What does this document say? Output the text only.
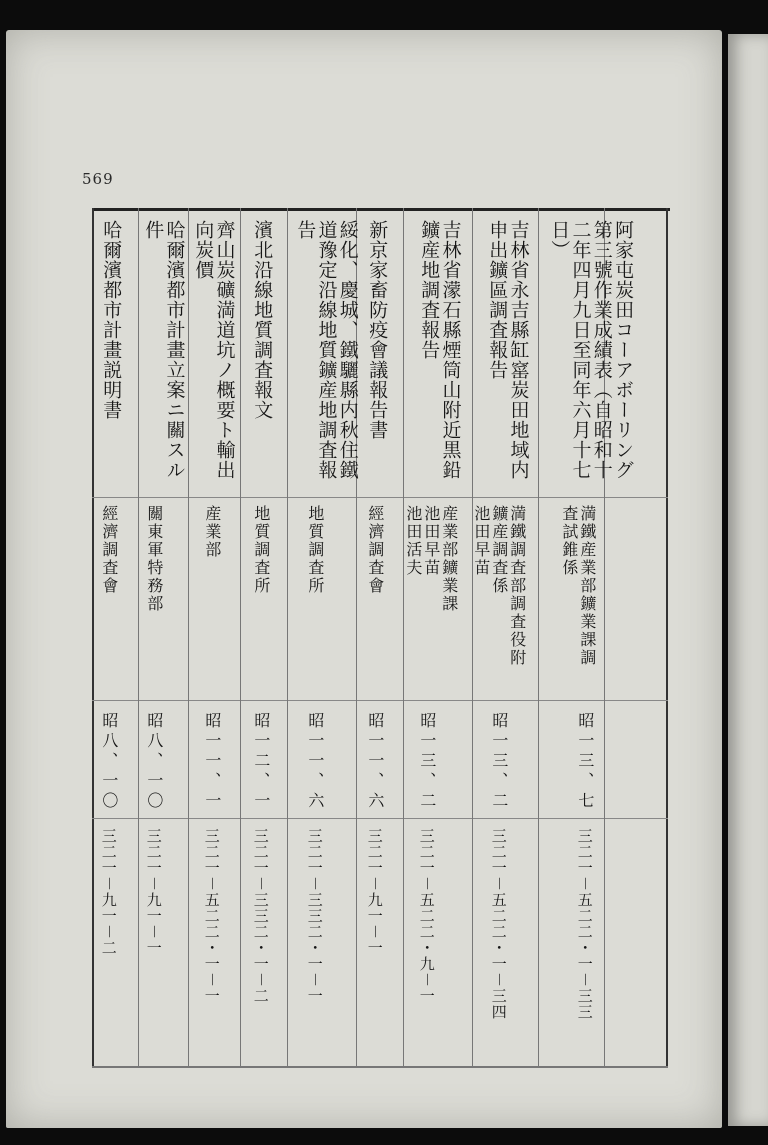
569
阿家屯炭田コーアボーリング
第三號作業成績表（自昭和十
二年四月九日至同年六月十七
日）
満鐵産業部鑛業課調
査試錐係
昭一三、七
三二一－五二二・一－三三
吉林省永吉縣缸窰炭田地域内
申出鑛區調査報告
満鐵調査部調査役附
鑛産調査係
池田早苗
昭一三、二
三二一－五二二・一－三四
吉林省濛石縣煙筒山附近黒鉛
鑛産地調査報告
産業部鑛業課
池田早苗
池田活夫
昭一三、二
三二一－五二二・九－一
新京家畜防疫會議報告書
經濟調査會
昭一一、六
三二一－九一－一
綏化、慶城、鐵驪縣内秋住鐵
道豫定沿線地質鑛産地調査報
告
地質調査所
昭一一、六
三二一－三三二・一－一
濱北沿線地質調査報文
地質調査所
昭一二、一
三二一－三三二・一－二
齊山炭礦満道坑ノ概要ト輸出
向炭價
産業部
昭一一、一
三二一－五二二・一－一
哈爾濱都市計畫立案ニ關スル
件
關東軍特務部
昭八、一〇
三二一－九一－一
哈爾濱都市計畫説明書
經濟調査會
昭八、一〇
三二一－九一－二
